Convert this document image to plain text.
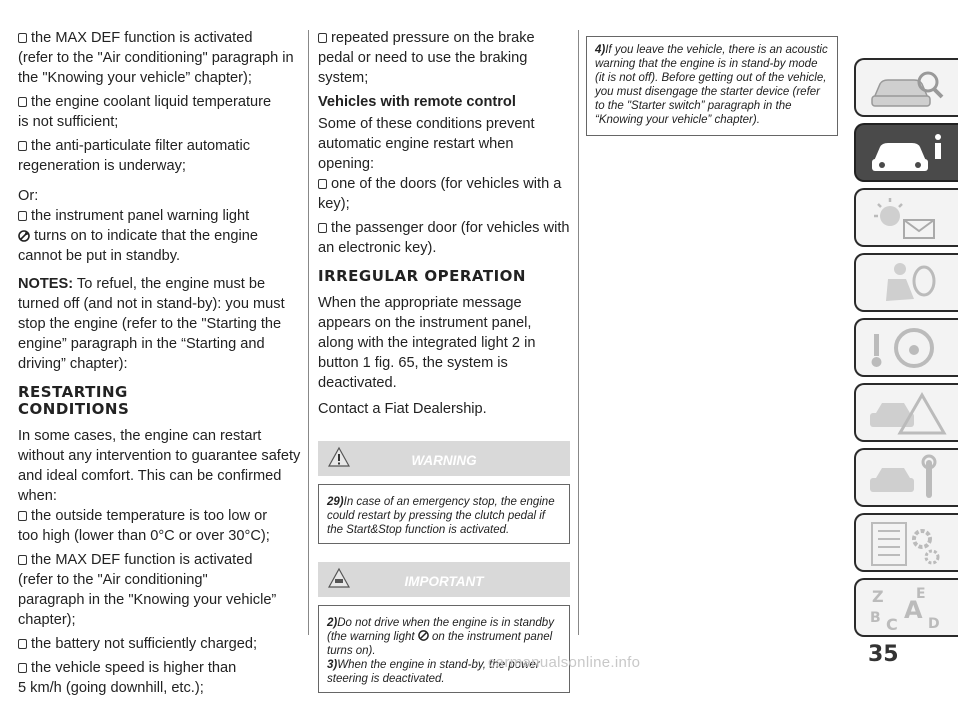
the MAX DEF function is activated

(refer to the "Air conditioning" paragraph in the "Knowing your vehicle” chapter);

the engine coolant liquid temperature

is not sufficient;

the anti-particulate filter automatic

regeneration is underway;

Or:

the instrument panel warning light

turns on to indicate that the engine

cannot be put in standby.

NOTES: To refuel, the engine must be turned off (and not in stand-by): you must stop the engine (refer to the "Starting the engine” paragraph in the “Starting and driving” chapter):

RESTARTING CONDITIONS

In some cases, the engine can restart without any intervention to guarantee safety and ideal comfort. This can be confirmed when:

the outside temperature is too low or

too high (lower than 0°C or over 30°C);

the MAX DEF function is activated

(refer to the "Air conditioning"

paragraph in the "Knowing your vehicle”

chapter);

the battery not sufficiently charged;

the vehicle speed is higher than

5 km/h (going downhill, etc.);

repeated pressure on the brake

pedal or need to use the braking

system;

Vehicles with remote control

Some of these conditions prevent automatic engine restart when opening:

one of the doors (for vehicles with a

key);

the passenger door (for vehicles with

an electronic key).

IRREGULAR OPERATION

When the appropriate message appears on the instrument panel, along with the integrated light 2 in button 1 fig. 65, the system is deactivated.

Contact a Fiat Dealership.

WARNING
29)In case of an emergency stop, the engine could restart by pressing the clutch pedal if the Start&Stop function is activated.
IMPORTANT
2)Do not drive when the engine is in standby (the warning light on the instrument panel turns on).
3)When the engine in stand-by, the power steering is deactivated.
4)If you leave the vehicle, there is an acoustic warning that the engine is in stand-by mode (it is not off). Before getting out of the vehicle, you must disengage the starter device (refer to the "Starter switch” paragraph in the “Knowing your vehicle” chapter).
Z E
B A
C D
35
carmanualsonline.info
